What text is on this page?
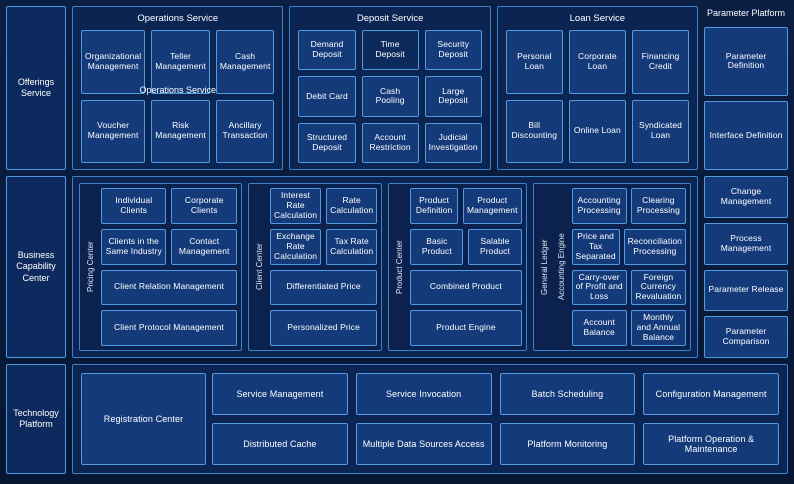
Offerings Service
Operations Service
Operations Service
Organizational Management
Teller Management
Cash Management
Voucher Management
Risk Management
Ancillary Transaction
Deposit Service
Demand Deposit
Time Deposit
Security Deposit
Debit Card	Cash Pooling
Large Deposit
Structured Deposit
Account Restriction
Judicial Investigation
Loan Service
Personal Loan
Corporate Loan
Financing Credit
Bill Discounting	Online Loan	Syndicated Loan
Parameter Platform
Parameter Definition
Interface Definition
Business Capability Center	Pricing Center
Individual Clients
Corporate Clients
Clients in the Same Industry
Contact Management
Client Relation Management
Client Protocol Management
Client Center
Interest Rate Calculation
Rate Calculation
Exchange Rate Calculation
Tax Rate Calculation
Differentiated Price
Personalized Price
Product Center
Product Definition
Product Management
Basic Product
Salable Product
Combined Product
Product Engine
Accounting Engine
Accounting Processing
Clearing Processing
Price and Tax Separated
Reconciliation Processing
Carry-over of Profit and Loss
Foreign Currency Revaluation
Account Balance
Monthly and Annual Balance
General Ledger
Change Management
Process Management
Parameter Release
Parameter Comparison
Technology Platform
Registration Center
Service Management	Service Invocation	Batch Scheduling	Configuration Management
Distributed Cache	Multiple Data Sources Access	Platform Monitoring
Platform Operation & Maintenance
